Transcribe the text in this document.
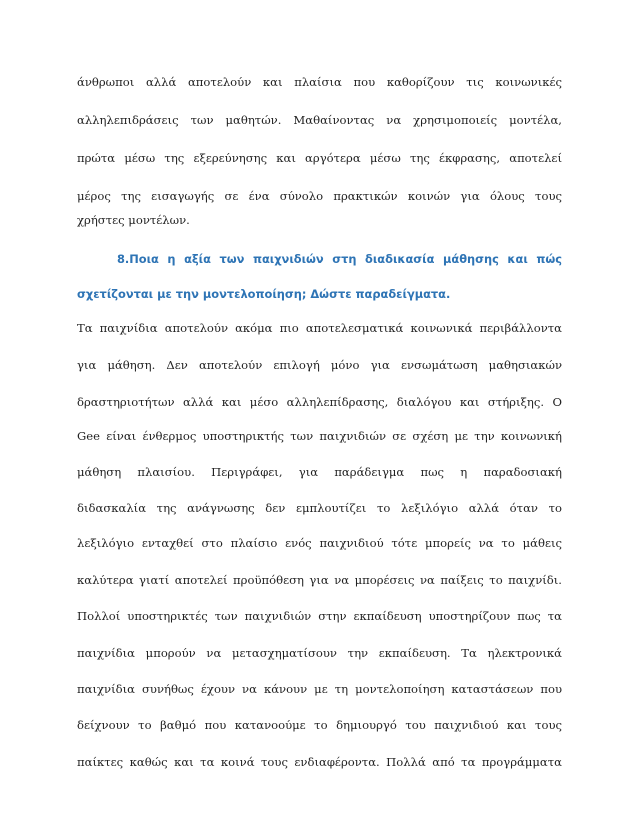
άνθρωποι αλλά αποτελούν και πλαίσια που καθορίζουν τις κοινωνικές
αλληλεπιδράσεις των μαθητών. Μαθαίνοντας να χρησιμοποιείς μοντέλα,
πρώτα μέσω της εξερεύνησης και αργότερα μέσω της έκφρασης, αποτελεί
μέρος της εισαγωγής σε ένα σύνολο πρακτικών κοινών για όλους τους
χρήστες μοντέλων.
8.Ποια η αξία των παιχνιδιών στη διαδικασία μάθησης και πώς
σχετίζονται με την μοντελοποίηση; Δώστε παραδείγματα.
Τα παιχνίδια αποτελούν ακόμα πιο αποτελεσματικά κοινωνικά περιβάλλοντα
για μάθηση. Δεν αποτελούν επιλογή μόνο για ενσωμάτωση μαθησιακών
δραστηριοτήτων αλλά και μέσο αλληλεπίδρασης, διαλόγου και στήριξης. Ο
Gee είναι ένθερμος υποστηρικτής των παιχνιδιών σε σχέση με την κοινωνική
μάθηση πλαισίου. Περιγράφει, για παράδειγμα πως η παραδοσιακή
διδασκαλία της ανάγνωσης δεν εμπλουτίζει το λεξιλόγιο αλλά όταν το
λεξιλόγιο ενταχθεί στο πλαίσιο ενός παιχνιδιού τότε μπορείς να το μάθεις
καλύτερα γιατί αποτελεί προϋπόθεση για να μπορέσεις να παίξεις το παιχνίδι.
Πολλοί υποστηρικτές των παιχνιδιών στην εκπαίδευση υποστηρίζουν πως τα
παιχνίδια μπορούν να μετασχηματίσουν την εκπαίδευση. Τα ηλεκτρονικά
παιχνίδια συνήθως έχουν να κάνουν με τη μοντελοποίηση καταστάσεων που
δείχνουν το βαθμό που κατανοούμε το δημιουργό του παιχνιδιού και τους
παίκτες καθώς και τα κοινά τους ενδιαφέροντα. Πολλά από τα προγράμματα
